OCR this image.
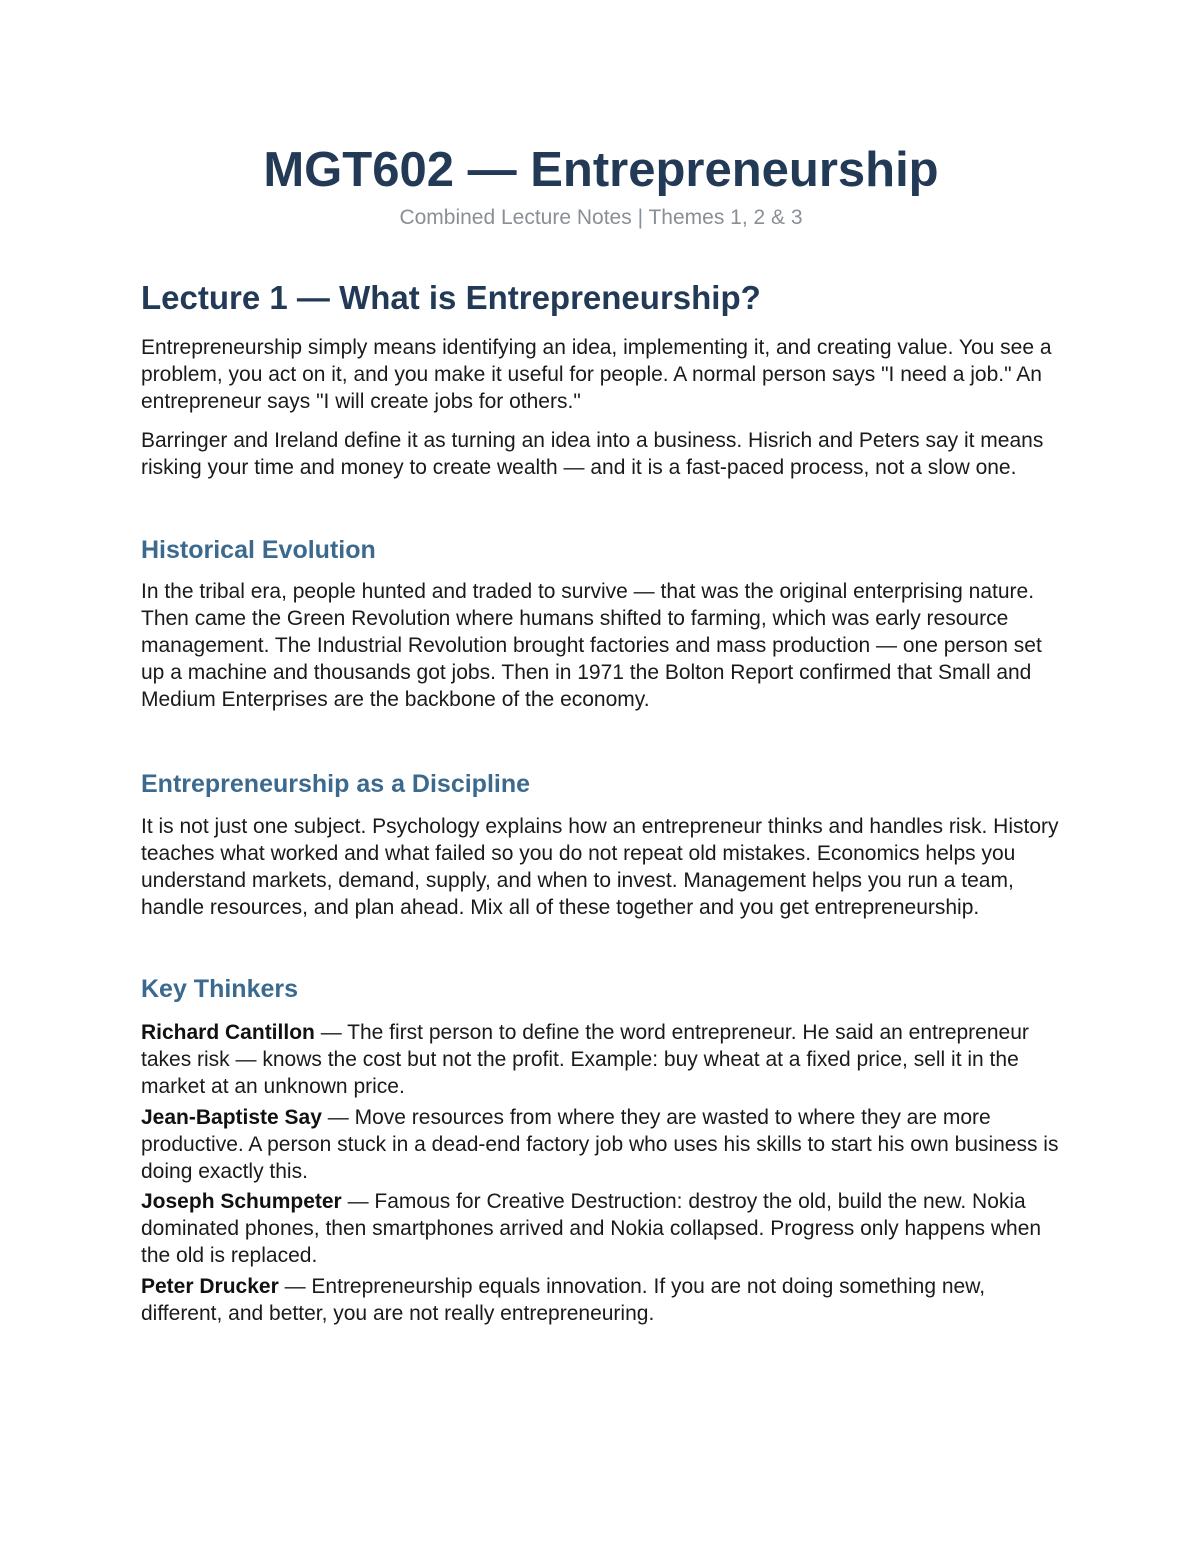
MGT602 — Entrepreneurship

Combined Lecture Notes | Themes 1, 2 & 3

Lecture 1 — What is Entrepreneurship?

Entrepreneurship simply means identifying an idea, implementing it, and creating value. You see a problem, you act on it, and you make it useful for people. A normal person says "I need a job." An entrepreneur says "I will create jobs for others."

Barringer and Ireland define it as turning an idea into a business. Hisrich and Peters say it means risking your time and money to create wealth — and it is a fast-paced process, not a slow one.

Historical Evolution

In the tribal era, people hunted and traded to survive — that was the original enterprising nature. Then came the Green Revolution where humans shifted to farming, which was early resource management. The Industrial Revolution brought factories and mass production — one person set up a machine and thousands got jobs. Then in 1971 the Bolton Report confirmed that Small and Medium Enterprises are the backbone of the economy.

Entrepreneurship as a Discipline

It is not just one subject. Psychology explains how an entrepreneur thinks and handles risk. History teaches what worked and what failed so you do not repeat old mistakes. Economics helps you understand markets, demand, supply, and when to invest. Management helps you run a team, handle resources, and plan ahead. Mix all of these together and you get entrepreneurship.

Key Thinkers

Richard Cantillon — The first person to define the word entrepreneur. He said an entrepreneur takes risk — knows the cost but not the profit. Example: buy wheat at a fixed price, sell it in the market at an unknown price.

Jean-Baptiste Say — Move resources from where they are wasted to where they are more productive. A person stuck in a dead-end factory job who uses his skills to start his own business is doing exactly this.

Joseph Schumpeter — Famous for Creative Destruction: destroy the old, build the new. Nokia dominated phones, then smartphones arrived and Nokia collapsed. Progress only happens when the old is replaced.

Peter Drucker — Entrepreneurship equals innovation. If you are not doing something new, different, and better, you are not really entrepreneuring.
